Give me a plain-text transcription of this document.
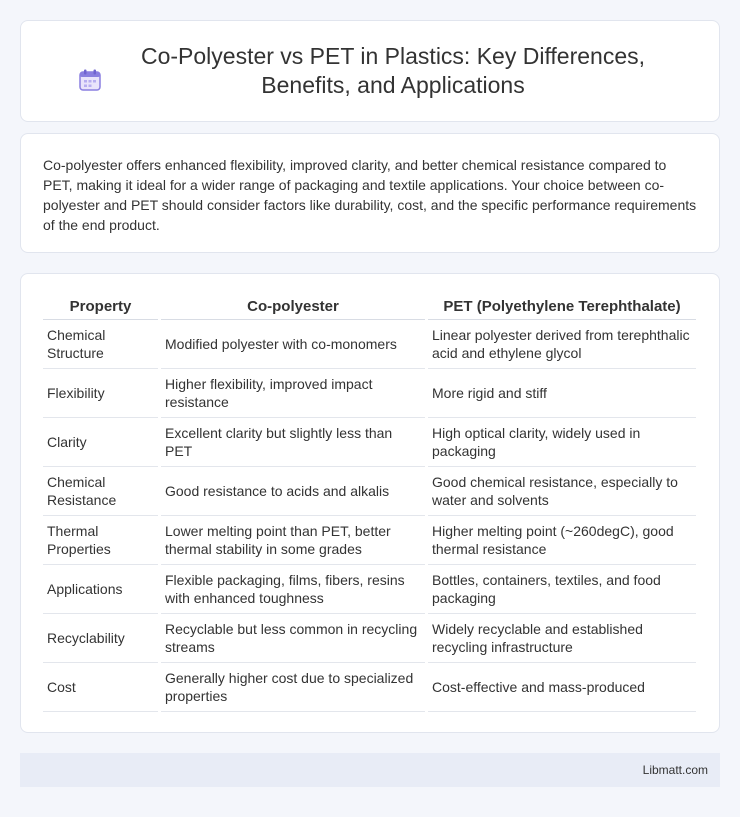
Co-Polyester vs PET in Plastics: Key Differences, Benefits, and Applications

Co-polyester offers enhanced flexibility, improved clarity, and better chemical resistance compared to PET, making it ideal for a wider range of packaging and textile applications. Your choice between co-polyester and PET should consider factors like durability, cost, and the specific performance requirements of the end product.

Property	Co-polyester	PET (Polyethylene Terephthalate)
Chemical Structure	Modified polyester with co-monomers	Linear polyester derived from terephthalic acid and ethylene glycol
Flexibility	Higher flexibility, improved impact resistance	More rigid and stiff
Clarity	Excellent clarity but slightly less than PET	High optical clarity, widely used in packaging
Chemical Resistance	Good resistance to acids and alkalis	Good chemical resistance, especially to water and solvents
Thermal Properties	Lower melting point than PET, better thermal stability in some grades	Higher melting point (~260degC), good thermal resistance
Applications	Flexible packaging, films, fibers, resins with enhanced toughness	Bottles, containers, textiles, and food packaging
Recyclability	Recyclable but less common in recycling streams	Widely recyclable and established recycling infrastructure
Cost	Generally higher cost due to specialized properties	Cost-effective and mass-produced
Libmatt.com
